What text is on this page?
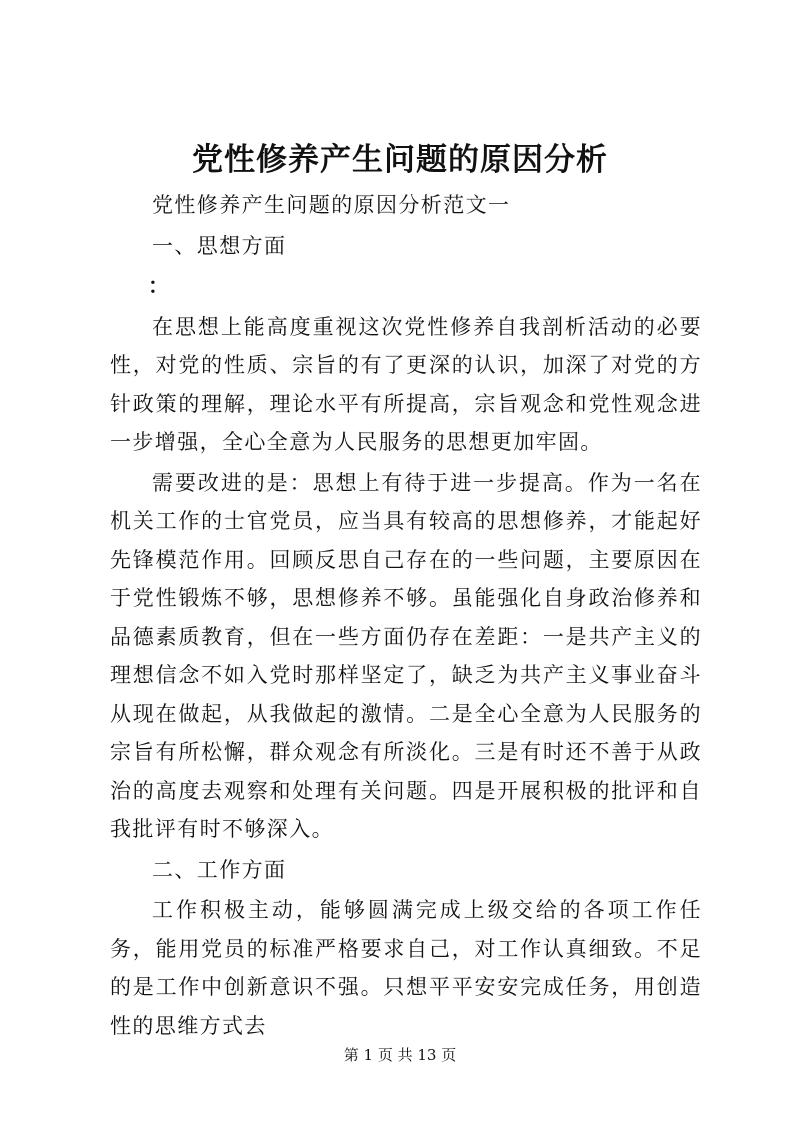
党性修养产生问题的原因分析

党性修养产生问题的原因分析范文一

一、思想方面

：

在思想上能高度重视这次党性修养自我剖析活动的必要性，对党的性质、宗旨的有了更深的认识，加深了对党的方针政策的理解，理论水平有所提高，宗旨观念和党性观念进一步增强，全心全意为人民服务的思想更加牢固。

需要改进的是：思想上有待于进一步提高。作为一名在机关工作的士官党员，应当具有较高的思想修养，才能起好先锋模范作用。回顾反思自己存在的一些问题，主要原因在于党性锻炼不够，思想修养不够。虽能强化自身政治修养和品德素质教育，但在一些方面仍存在差距：一是共产主义的理想信念不如入党时那样坚定了，缺乏为共产主义事业奋斗从现在做起，从我做起的激情。二是全心全意为人民服务的宗旨有所松懈，群众观念有所淡化。三是有时还不善于从政治的高度去观察和处理有关问题。四是开展积极的批评和自我批评有时不够深入。

二、工作方面

工作积极主动，能够圆满完成上级交给的各项工作任务，能用党员的标准严格要求自己，对工作认真细致。不足的是工作中创新意识不强。只想平平安安完成任务，用创造性的思维方式去

第 1 页 共 13 页
